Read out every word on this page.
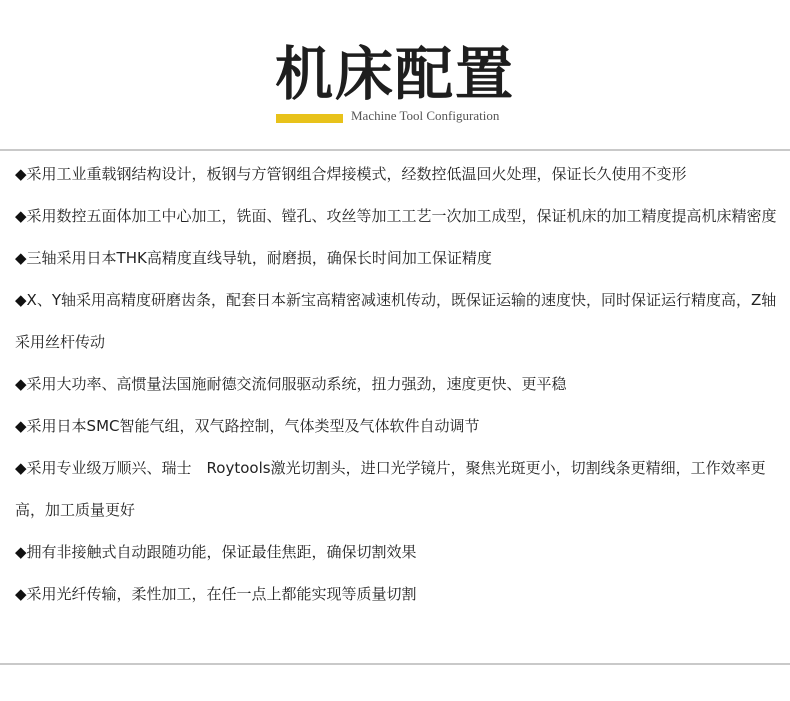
机床配置
Machine Tool Configuration
◆采用工业重载钢结构设计，板钢与方管钢组合焊接模式，经数控低温回火处理，保证长久使用不变形
◆采用数控五面体加工中心加工，铣面、镗孔、攻丝等加工工艺一次加工成型，保证机床的加工精度提高机床精密度
◆三轴采用日本THK高精度直线导轨，耐磨损，确保长时间加工保证精度
◆X、Y轴采用高精度研磨齿条，配套日本新宝高精密减速机传动，既保证运输的速度快，同时保证运行精度高，Z轴采用丝杆传动
◆采用大功率、高惯量法国施耐德交流伺服驱动系统，扭力强劲，速度更快、更平稳
◆采用日本SMC智能气组，双气路控制，气体类型及气体软件自动调节
◆采用专业级万顺兴、瑞士　Roytools激光切割头，进口光学镜片，聚焦光斑更小，切割线条更精细，工作效率更高，加工质量更好
◆拥有非接触式自动跟随功能，保证最佳焦距，确保切割效果
◆采用光纤传输，柔性加工，在任一点上都能实现等质量切割
